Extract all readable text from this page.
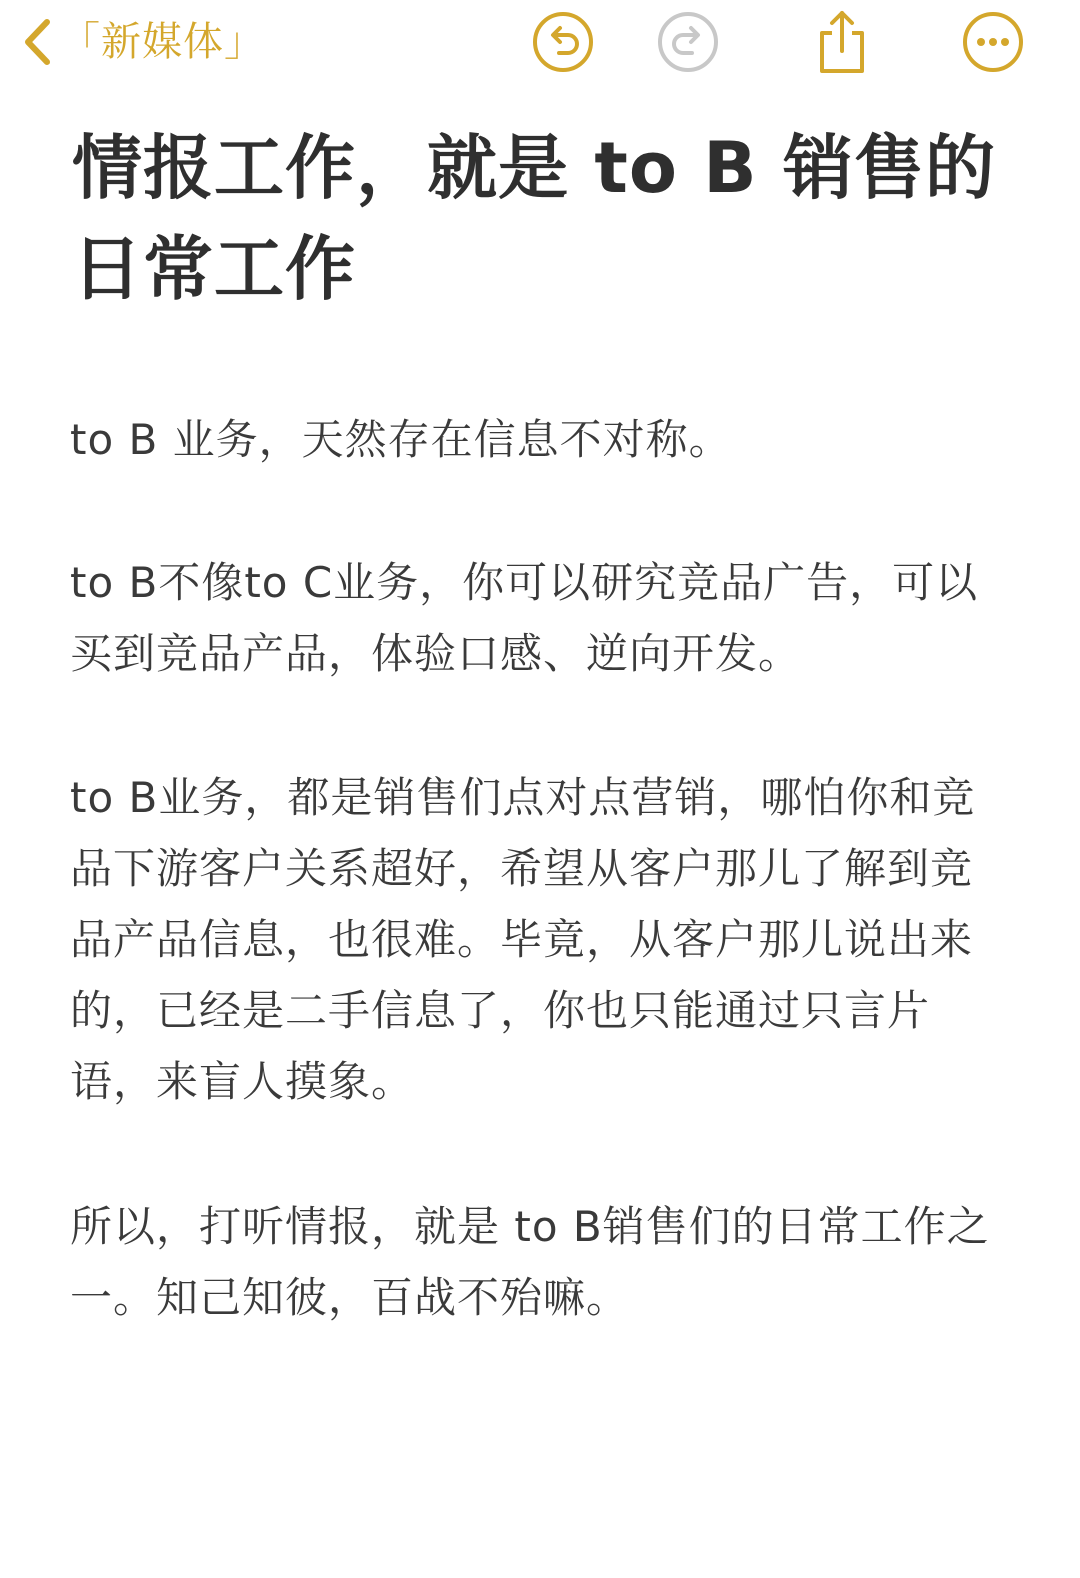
「新媒体」
情报工作，就是 to B 销售的日常工作

to B 业务，天然存在信息不对称。

to B不像to C业务，你可以研究竞品广告，可以买到竞品产品，体验口感、逆向开发。

to B业务，都是销售们点对点营销，哪怕你和竞品下游客户关系超好，希望从客户那儿了解到竞品产品信息，也很难。毕竟，从客户那儿说出来的，已经是二手信息了，你也只能通过只言片语，来盲人摸象。

所以，打听情报，就是 to B销售们的日常工作之一。知己知彼，百战不殆嘛。
